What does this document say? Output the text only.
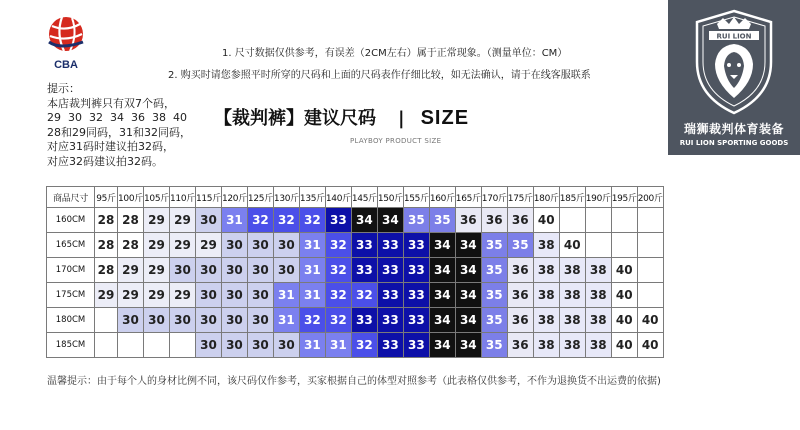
CBA
1. 尺寸数据仅供参考，有误差（2CM左右）属于正常现象。（测量单位：CM）
2. 购买时请您参照平时所穿的尺码和上面的尺码表作仔细比较，如无法确认，请于在线客服联系
提示：
本店裁判裤只有双7个码，
29  30  32  34  36  38  40
28和29同码，31和32同码，
对应31码时建议拍32码，
对应32码建议拍32码。
【裁判裤】建议尺码 | SIZE
PLAYBOY PRODUCT SIZE
RUI LION
瑞狮裁判体育装备
RUI LION SPORTING GOODS
商品尺寸	95斤	100斤	105斤	110斤	115斤	120斤	125斤	130斤	135斤	140斤	145斤	150斤	155斤	160斤	165斤	170斤	175斤	180斤	185斤	190斤	195斤	200斤
160CM	28	28	29	29	30	31	32	32	32	33	34	34	35	35	36	36	36	40				
165CM	28	28	29	29	29	30	30	30	31	32	33	33	33	34	34	35	35	38	40			
170CM	28	29	29	30	30	30	30	30	31	32	33	33	33	34	34	35	36	38	38	38	40	
175CM	29	29	29	29	30	30	30	31	31	32	32	33	33	34	34	35	36	38	38	38	40	
180CM		30	30	30	30	30	30	31	32	32	33	33	33	34	34	35	36	38	38	38	40	40
185CM					30	30	30	30	31	31	32	33	33	34	34	35	36	38	38	38	40	40
温馨提示：由于每个人的身材比例不同，该尺码仅作参考，买家根据自己的体型对照参考（此表格仅供参考，不作为退换货不出运费的依据)
